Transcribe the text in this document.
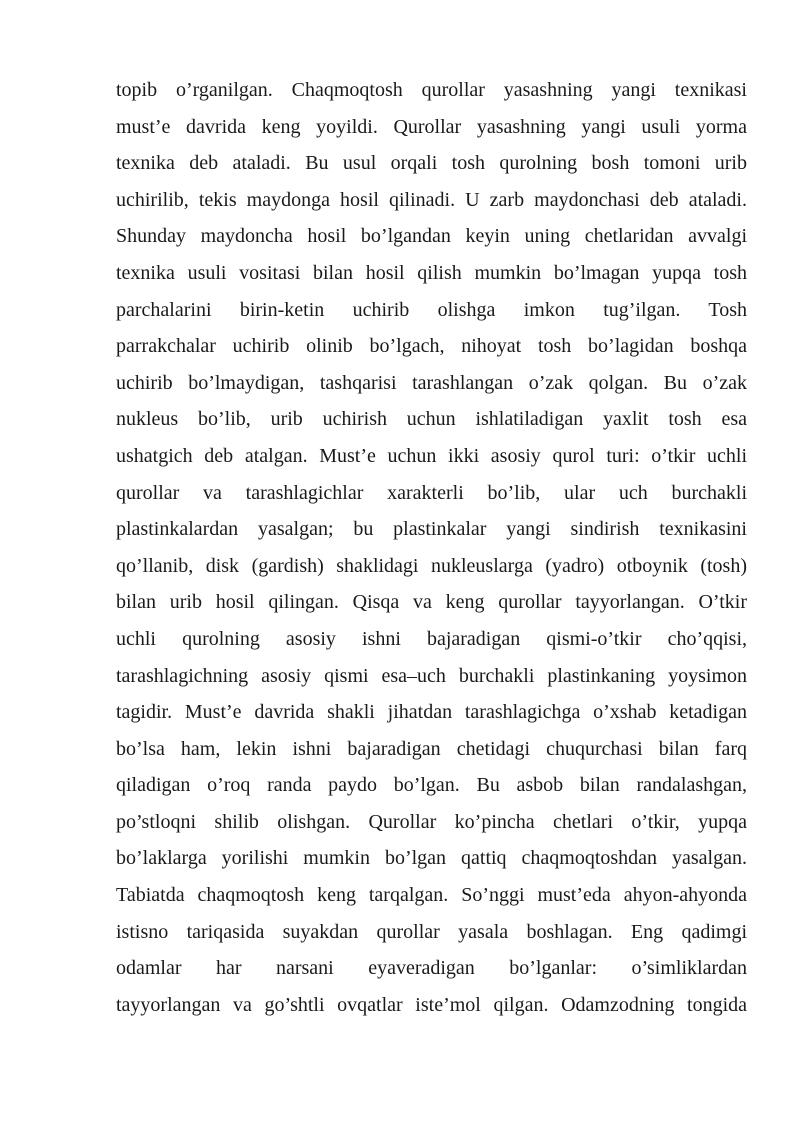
topib o’rganilgan. Chaqmoqtosh qurollar yasashning yangi texnikasi
must’e davrida keng yoyildi. Qurollar yasashning yangi usuli yorma
texnika deb ataladi. Bu usul orqali tosh qurolning bosh tomoni urib
uchirilib, tekis maydonga hosil qilinadi. U zarb maydonchasi deb ataladi.
Shunday maydoncha hosil bo’lgandan keyin uning chetlaridan avvalgi
texnika usuli vositasi bilan hosil qilish mumkin bo’lmagan yupqa tosh
parchalarini birin-ketin uchirib olishga imkon tug’ilgan. Tosh
parrakchalar uchirib olinib bo’lgach, nihoyat tosh bo’lagidan boshqa
uchirib bo’lmaydigan, tashqarisi tarashlangan o’zak qolgan. Bu o’zak
nukleus bo’lib, urib uchirish uchun ishlatiladigan yaxlit tosh esa
ushatgich deb atalgan. Must’e uchun ikki asosiy qurol turi: o’tkir uchli
qurollar va tarashlagichlar xarakterli bo’lib, ular uch burchakli
plastinkalardan yasalgan; bu plastinkalar yangi sindirish texnikasini
qo’llanib, disk (gardish) shaklidagi nukleuslarga (yadro) otboynik (tosh)
bilan urib hosil qilingan. Qisqa va keng qurollar tayyorlangan. O’tkir
uchli qurolning asosiy ishni bajaradigan qismi-o’tkir cho’qqisi,
tarashlagichning asosiy qismi esa–uch burchakli plastinkaning yoysimon
tagidir. Must’e davrida shakli jihatdan tarashlagichga o’xshab ketadigan
bo’lsa ham, lekin ishni bajaradigan chetidagi chuqurchasi bilan farq
qiladigan o’roq randa paydo bo’lgan. Bu asbob bilan randalashgan,
po’stloqni shilib olishgan. Qurollar ko’pincha chetlari o’tkir, yupqa
bo’laklarga yorilishi mumkin bo’lgan qattiq chaqmoqtoshdan yasalgan.
Tabiatda chaqmoqtosh keng tarqalgan. So’nggi must’eda ahyon-ahyonda
istisno tariqasida suyakdan qurollar yasala boshlagan. Eng qadimgi
odamlar har narsani eyaveradigan bo’lganlar: o’simliklardan
tayyorlangan va go’shtli ovqatlar iste’mol qilgan. Odamzodning tongida
